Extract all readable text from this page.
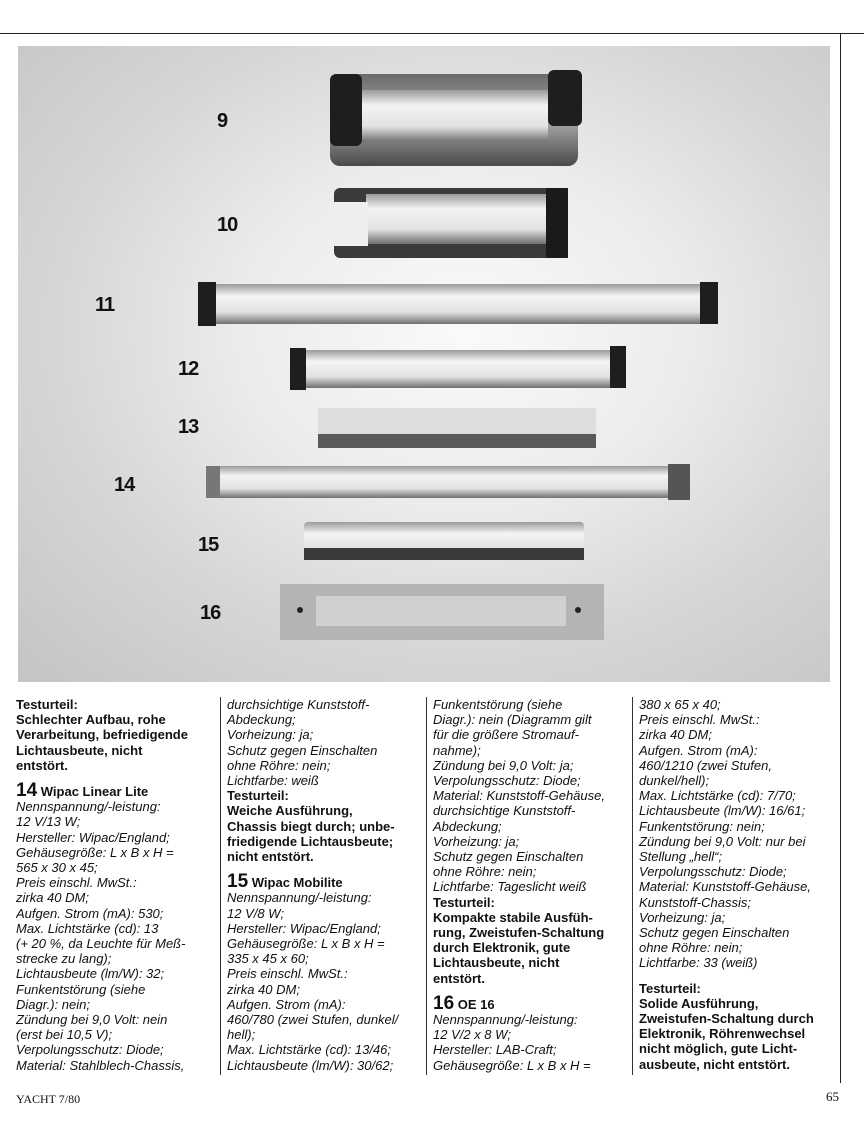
9
10
11
12
13
14
15
16
Testurteil:
Schlechter Aufbau, rohe
Verarbeitung, befriedigende
Lichtausbeute, nicht
entstört.
14 Wipac Linear Lite
Nennspannung/-leistung:
12 V/13 W;
Hersteller: Wipac/England;
Gehäusegröße: L x B x H =
565 x 30 x 45;
Preis einschl. MwSt.:
zirka 40 DM;
Aufgen. Strom (mA): 530;
Max. Lichtstärke (cd): 13
(+ 20 %, da Leuchte für Meß-
strecke zu lang);
Lichtausbeute (lm/W): 32;
Funkentstörung (siehe
Diagr.): nein;
Zündung bei 9,0 Volt: nein
(erst bei 10,5 V);
Verpolungsschutz: Diode;
Material: Stahlblech-Chassis,
durchsichtige Kunststoff-
Abdeckung;
Vorheizung: ja;
Schutz gegen Einschalten
ohne Röhre: nein;
Lichtfarbe: weiß
Testurteil:
Weiche Ausführung,
Chassis biegt durch; unbe-
friedigende Lichtausbeute;
nicht entstört.
15 Wipac Mobilite
Nennspannung/-leistung:
12 V/8 W;
Hersteller: Wipac/England;
Gehäusegröße: L x B x H =
335 x 45 x 60;
Preis einschl. MwSt.:
zirka 40 DM;
Aufgen. Strom (mA):
460/780 (zwei Stufen, dunkel/
hell);
Max. Lichtstärke (cd): 13/46;
Lichtausbeute (lm/W): 30/62;
Funkentstörung (siehe
Diagr.): nein (Diagramm gilt
für die größere Stromauf-
nahme);
Zündung bei 9,0 Volt: ja;
Verpolungsschutz: Diode;
Material: Kunststoff-Gehäuse,
durchsichtige Kunststoff-
Abdeckung;
Vorheizung: ja;
Schutz gegen Einschalten
ohne Röhre: nein;
Lichtfarbe: Tageslicht weiß
Testurteil:
Kompakte stabile Ausfüh-
rung, Zweistufen-Schaltung
durch Elektronik, gute
Lichtausbeute, nicht
entstört.
16 OE 16
Nennspannung/-leistung:
12 V/2 x 8 W;
Hersteller: LAB-Craft;
Gehäusegröße: L x B x H =
380 x 65 x 40;
Preis einschl. MwSt.:
zirka 40 DM;
Aufgen. Strom (mA):
460/1210 (zwei Stufen,
dunkel/hell);
Max. Lichtstärke (cd): 7/70;
Lichtausbeute (lm/W): 16/61;
Funkentstörung: nein;
Zündung bei 9,0 Volt: nur bei
Stellung „hell“;
Verpolungsschutz: Diode;
Material: Kunststoff-Gehäuse,
Kunststoff-Chassis;
Vorheizung: ja;
Schutz gegen Einschalten
ohne Röhre: nein;
Lichtfarbe: 33 (weiß)
Testurteil:
Solide Ausführung,
Zweistufen-Schaltung durch
Elektronik, Röhrenwechsel
nicht möglich, gute Licht-
ausbeute, nicht entstört.
YACHT 7/80	65
